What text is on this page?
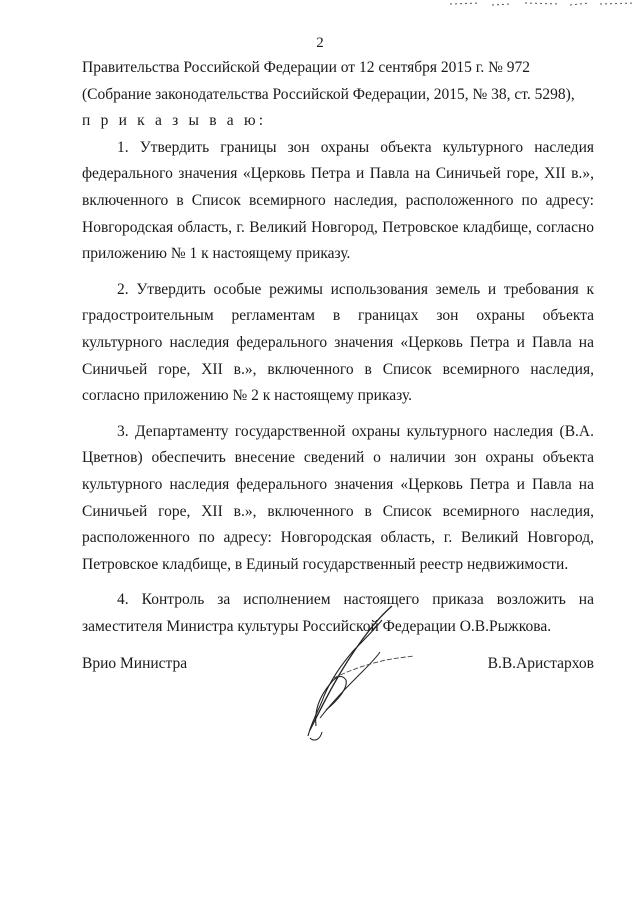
2

Правительства Российской Федерации от 12 сентября 2015 г. № 972

(Собрание законодательства Российской Федерации, 2015, № 38, ст. 5298),

п р и к а з ы в а ю:

1. Утвердить границы зон охраны объекта культурного наследия федерального значения «Церковь Петра и Павла на Синичьей горе, XII в.», включенного в Список всемирного наследия, расположенного по адресу: Новгородская область, г. Великий Новгород, Петровское кладбище, согласно приложению № 1 к настоящему приказу.

2. Утвердить особые режимы использования земель и требования к градостроительным регламентам в границах зон охраны объекта культурного наследия федерального значения «Церковь Петра и Павла на Синичьей горе, XII в.», включенного в Список всемирного наследия, согласно приложению № 2 к настоящему приказу.

3. Департаменту государственной охраны культурного наследия (В.А. Цветнов) обеспечить внесение сведений о наличии зон охраны объекта культурного наследия федерального значения «Церковь Петра и Павла на Синичьей горе, XII в.», включенного в Список всемирного наследия, расположенного по адресу: Новгородская область, г. Великий Новгород, Петровское кладбище, в Единый государственный реестр недвижимости.

4. Контроль за исполнением настоящего приказа возложить на заместителя Министра культуры Российской Федерации О.В.Рыжкова.

Врио Министра	В.В.Аристархов
